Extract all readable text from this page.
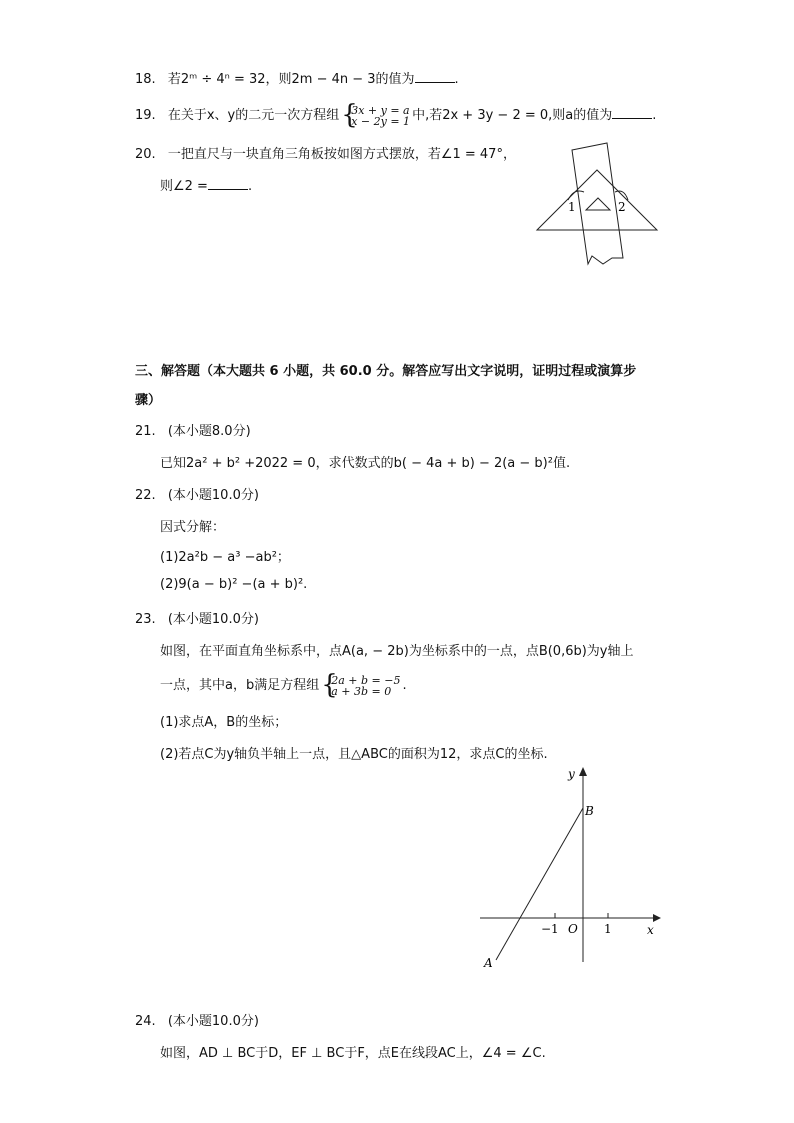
18. 若2ᵐ ÷ 4ⁿ = 32，则2m − 4n − 3的值为	.
19. 在关于x、y的二元一次方程组 {
3x + y = a
x − 2y = 1 中,若2x + 3y − 2 = 0,则a的值为	.
20. 一把直尺与一块直角三角板按如图方式摆放，若∠1 = 47°，
则∠2 =	.
1	2
三、解答题（本大题共 6 小题，共 60.0 分。解答应写出文字说明，证明过程或演算步
骤）
21. (本小题8.0分)
已知2a² + b² +2022 = 0，求代数式的b( − 4a + b) − 2(a − b)²值.
22. (本小题10.0分)
因式分解：
(1)2a²b − a³ −ab²；
(2)9(a − b)² −(a + b)².
23. (本小题10.0分)
如图，在平面直角坐标系中，点A(a, − 2b)为坐标系中的一点，点B(0,6b)为y轴上
一点，其中a，b满足方程组 {
2a + b = −5
a + 3b = 0 .
(1)求点A，B的坐标；
(2)若点C为y轴负半轴上一点，且△ABC的面积为12，求点C的坐标.
y
x
B
A
O
−1	1
24. (本小题10.0分)
如图，AD ⊥ BC于D，EF ⊥ BC于F，点E在线段AC上，∠4 = ∠C.
